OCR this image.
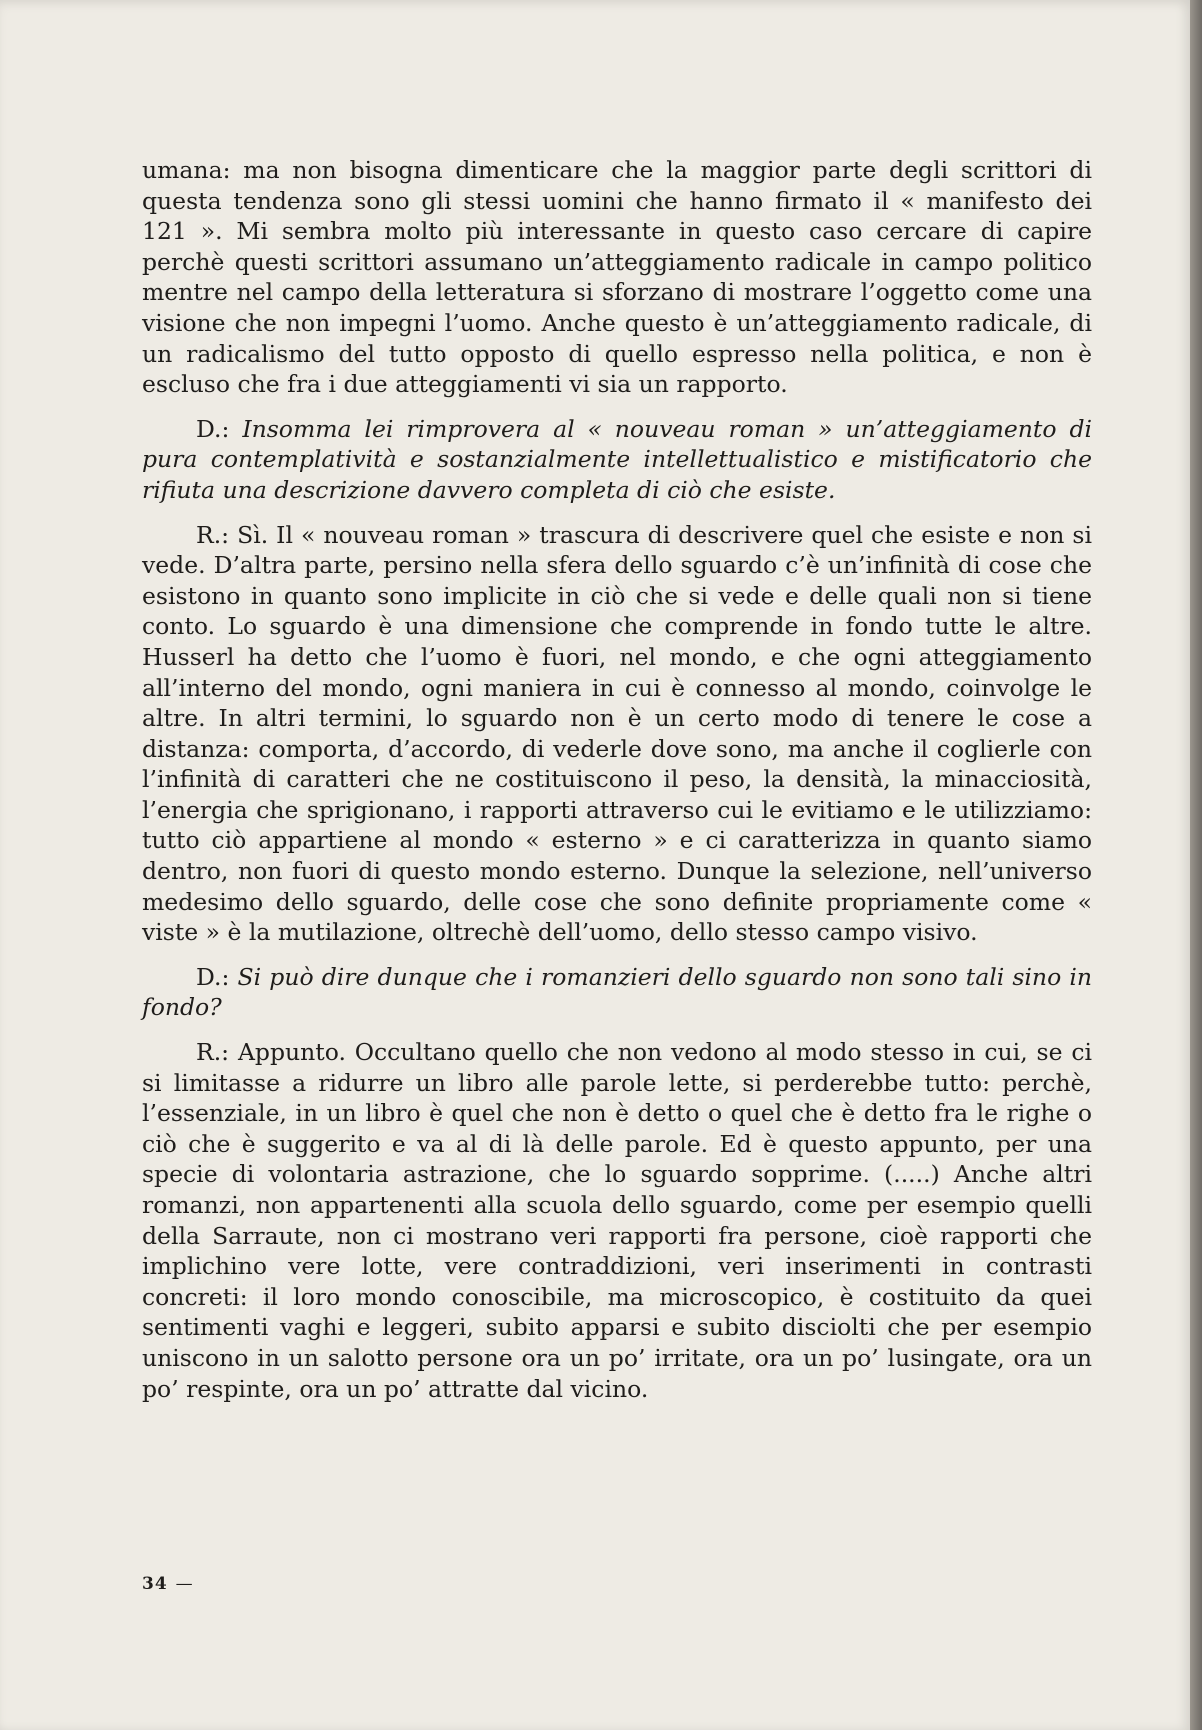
umana: ma non bisogna dimenticare che la maggior parte degli scrittori di questa tendenza sono gli stessi uomini che hanno firmato il « manifesto dei 121 ». Mi sembra molto più interessante in questo caso cercare di capire perchè questi scrittori assumano un’atteggiamento radicale in campo politico mentre nel campo della letteratura si sforzano di mostrare l’oggetto come una visione che non impegni l’uomo. Anche questo è un’atteggiamento radicale, di un radicalismo del tutto opposto di quello espresso nella politica, e non è escluso che fra i due atteggiamenti vi sia un rapporto.

D.: Insomma lei rimprovera al « nouveau roman » un’atteggiamento di pura contemplatività e sostanzialmente intellettualistico e mistificatorio che rifiuta una descrizione davvero completa di ciò che esiste.

R.: Sì. Il « nouveau roman » trascura di descrivere quel che esiste e non si vede. D’altra parte, persino nella sfera dello sguardo c’è un’infinità di cose che esistono in quanto sono implicite in ciò che si vede e delle quali non si tiene conto. Lo sguardo è una dimensione che comprende in fondo tutte le altre. Husserl ha detto che l’uomo è fuori, nel mondo, e che ogni atteggiamento all’interno del mondo, ogni maniera in cui è connesso al mondo, coinvolge le altre. In altri termini, lo sguardo non è un certo modo di tenere le cose a distanza: comporta, d’accordo, di vederle dove sono, ma anche il coglierle con l’infinità di caratteri che ne costituiscono il peso, la densità, la minacciosità, l’energia che sprigionano, i rapporti attraverso cui le evitiamo e le utilizziamo: tutto ciò appartiene al mondo « esterno » e ci caratterizza in quanto siamo dentro, non fuori di questo mondo esterno. Dunque la selezione, nell’universo medesimo dello sguardo, delle cose che sono definite propriamente come « viste » è la mutilazione, oltrechè dell’uomo, dello stesso campo visivo.

D.: Si può dire dunque che i romanzieri dello sguardo non sono tali sino in fondo?

R.: Appunto. Occultano quello che non vedono al modo stesso in cui, se ci si limitasse a ridurre un libro alle parole lette, si perderebbe tutto: perchè, l’essenziale, in un libro è quel che non è detto o quel che è detto fra le righe o ciò che è suggerito e va al di là delle parole. Ed è questo appunto, per una specie di volontaria astrazione, che lo sguardo sopprime. (.....) Anche altri romanzi, non appartenenti alla scuola dello sguardo, come per esempio quelli della Sarraute, non ci mostrano veri rapporti fra persone, cioè rapporti che implichino vere lotte, vere contraddizioni, veri inserimenti in contrasti concreti: il loro mondo conoscibile, ma microscopico, è costituito da quei sentimenti vaghi e leggeri, subito apparsi e subito disciolti che per esempio uniscono in un salotto persone ora un po’ irritate, ora un po’ lusingate, ora un po’ respinte, ora un po’ attratte dal vicino.

34 —
